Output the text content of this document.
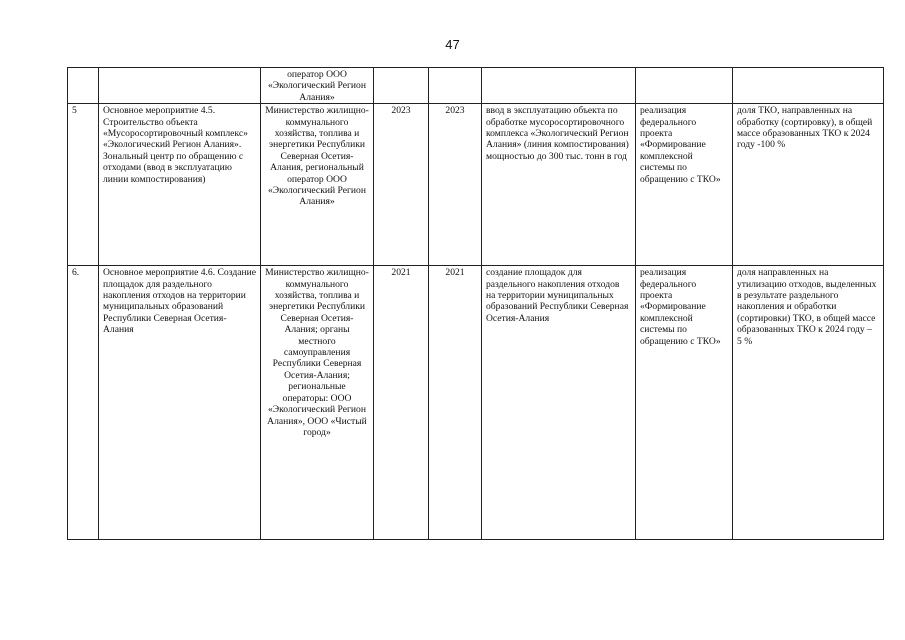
47
		оператор ООО «Экологический Регион Алания»					
5	Основное мероприятие 4.5. Строительство объекта «Мусоросортировочный комплекс» «Экологический Регион Алания». Зональный центр по обращению с отходами (ввод в эксплуатацию линии компостирования)	Министерство жилищно-коммунального хозяйства, топлива и энергетики Республики Северная Осетия-Алания, региональный оператор ООО «Экологический Регион Алания»	2023	2023	ввод в эксплуатацию объекта по обработке мусоросортировочного комплекса «Экологический Регион Алания» (линия компостирования) мощностью до 300 тыс. тонн в год	реализация федерального проекта «Формирование комплексной системы по обращению с ТКО»	доля ТКО, направленных на обработку (сортировку), в общей массе образованных ТКО к 2024 году -100 %
6.	Основное мероприятие 4.6. Создание площадок для раздельного накопления отходов на территории муниципальных образований Республики Северная Осетия-Алания	Министерство жилищно-коммунального хозяйства, топлива и энергетики Республики Северная Осетия-Алания; органы местного самоуправления Республики Северная Осетия-Алания; региональные операторы: ООО «Экологический Регион Алания», ООО «Чистый город»	2021	2021	создание площадок для раздельного накопления отходов на территории муниципальных образований Республики Северная Осетия-Алания	реализация федерального проекта «Формирование комплексной системы по обращению с ТКО»	доля направленных на утилизацию отходов, выделенных в результате раздельного накопления и обработки (сортировки) ТКО, в общей массе образованных ТКО к 2024 году – 5 %
